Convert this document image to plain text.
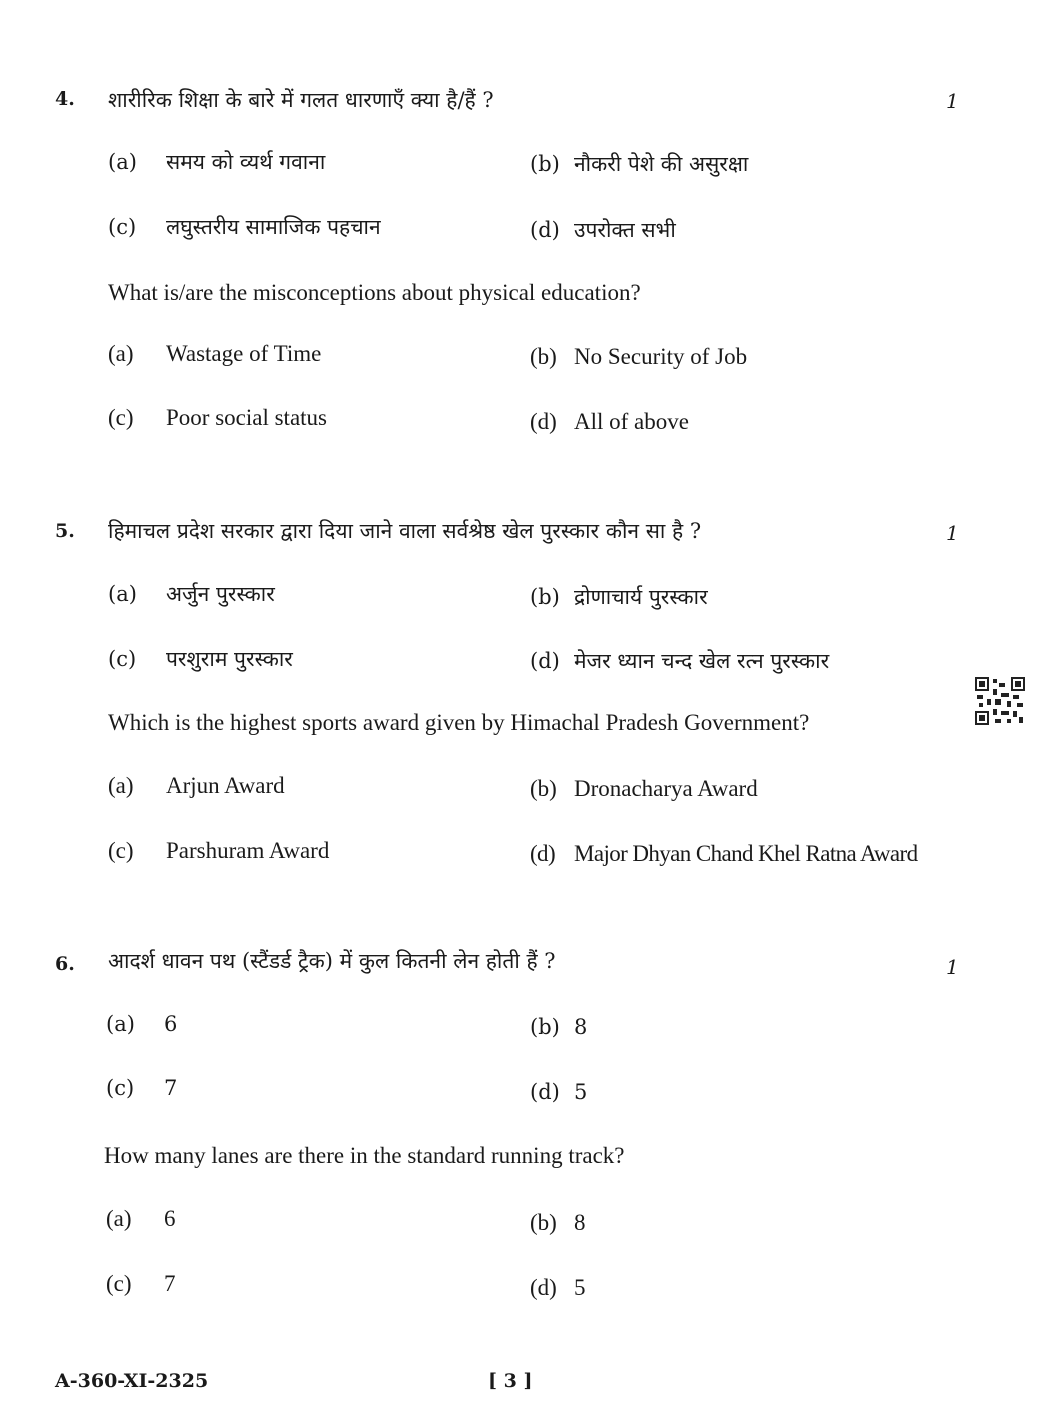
4. शारीरिक शिक्षा के बारे में गलत धारणाएँ क्या है/हैं ?	1
(a) समय को व्यर्थ गवाना	(b) नौकरी पेशे की असुरक्षा
(c) लघुस्तरीय सामाजिक पहचान	(d) उपरोक्त सभी
What is/are the misconceptions about physical education?
(a) Wastage of Time	(b) No Security of Job
(c) Poor social status	(d) All of above
5. हिमाचल प्रदेश सरकार द्वारा दिया जाने वाला सर्वश्रेष्ठ खेल पुरस्कार कौन सा है ?	1
(a) अर्जुन पुरस्कार	(b) द्रोणाचार्य पुरस्कार
(c) परशुराम पुरस्कार	(d) मेजर ध्यान चन्द खेल रत्न पुरस्कार
Which is the highest sports award given by Himachal Pradesh Government?
(a) Arjun Award	(b) Dronacharya Award
(c) Parshuram Award	(d) Major Dhyan Chand Khel Ratna Award
6. आदर्श धावन पथ (स्टैंडर्ड ट्रैक) में कुल कितनी लेन होती हैं ?	1
(a) 6	(b) 8
(c) 7	(d) 5
How many lanes are there in the standard running track?
(a) 6	(b) 8
(c) 7	(d) 5
A-360-XI-2325	[ 3 ]
